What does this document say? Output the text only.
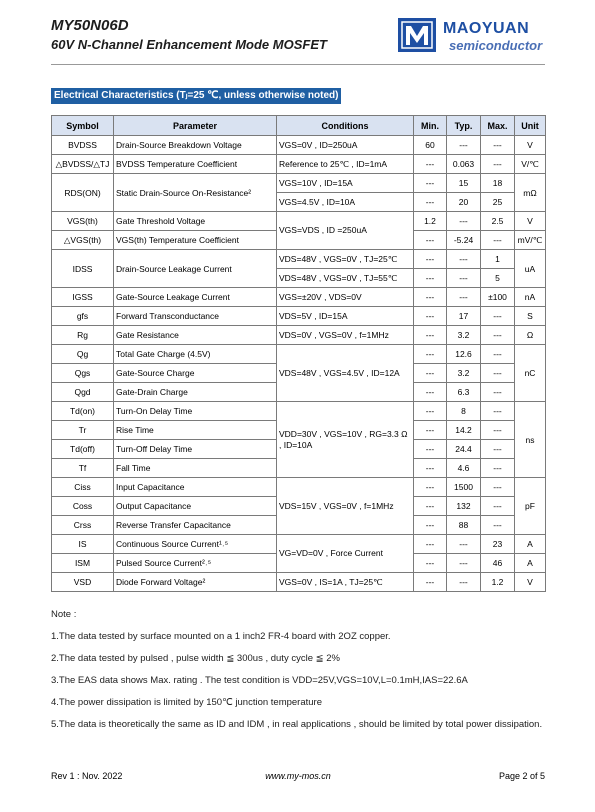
MY50N06D
60V N-Channel Enhancement Mode MOSFET
MAOYUAN
semiconductor
Electrical Characteristics (Tⱼ=25 ℃, unless otherwise noted)
Symbol	Parameter	Conditions	Min.	Typ.	Max.	Unit
BVDSS	Drain-Source Breakdown Voltage	VGS=0V , ID=250uA	60	---	---	V
△BVDSS/△TJ	BVDSS Temperature Coefficient	Reference to 25℃ , ID=1mA	---	0.063	---	V/℃
RDS(ON)	Static Drain-Source On-Resistance²	VGS=10V , ID=15A	---	15	18	mΩ
		VGS=4.5V , ID=10A	---	20	25	
VGS(th)	Gate Threshold Voltage	VGS=VDS , ID =250uA	1.2	---	2.5	V
△VGS(th)	VGS(th) Temperature Coefficient		---	-5.24	---	mV/℃
IDSS	Drain-Source Leakage Current	VDS=48V , VGS=0V , TJ=25℃	---	---	1	uA
		VDS=48V , VGS=0V , TJ=55℃	---	---	5	
IGSS	Gate-Source Leakage Current	VGS=±20V , VDS=0V	---	---	±100	nA
gfs	Forward Transconductance	VDS=5V , ID=15A	---	17	---	S
Rg	Gate Resistance	VDS=0V , VGS=0V , f=1MHz	---	3.2	---	Ω
Qg	Total Gate Charge (4.5V)	VDS=48V , VGS=4.5V , ID=12A	---	12.6	---	nC
Qgs	Gate-Source Charge		---	3.2	---	
Qgd	Gate-Drain Charge		---	6.3	---	
Td(on)	Turn-On Delay Time	VDD=30V , VGS=10V , RG=3.3 Ω , ID=10A	---	8	---	ns
Tr	Rise Time		---	14.2	---	
Td(off)	Turn-Off Delay Time		---	24.4	---	
Tf	Fall Time		---	4.6	---	
Ciss	Input Capacitance	VDS=15V , VGS=0V , f=1MHz	---	1500	---	pF
Coss	Output Capacitance		---	132	---	
Crss	Reverse Transfer Capacitance		---	88	---	
IS	Continuous Source Current¹˒⁵	VG=VD=0V , Force Current	---	---	23	A
ISM	Pulsed Source Current²˒⁵		---	---	46	A
VSD	Diode Forward Voltage²	VGS=0V , IS=1A , TJ=25℃	---	---	1.2	V
Note :
1.The data tested by surface mounted on a 1 inch2 FR-4 board with 2OZ copper.
2.The data tested by pulsed , pulse width ≦ 300us , duty cycle ≦ 2%
3.The EAS data shows Max. rating . The test condition is VDD=25V,VGS=10V,L=0.1mH,IAS=22.6A
4.The power dissipation is limited by 150℃ junction temperature
5.The data is theoretically the same as ID and IDM , in real applications , should be limited by total power dissipation.
Rev 1 : Nov. 2022	www.my-mos.cn	Page 2 of 5
